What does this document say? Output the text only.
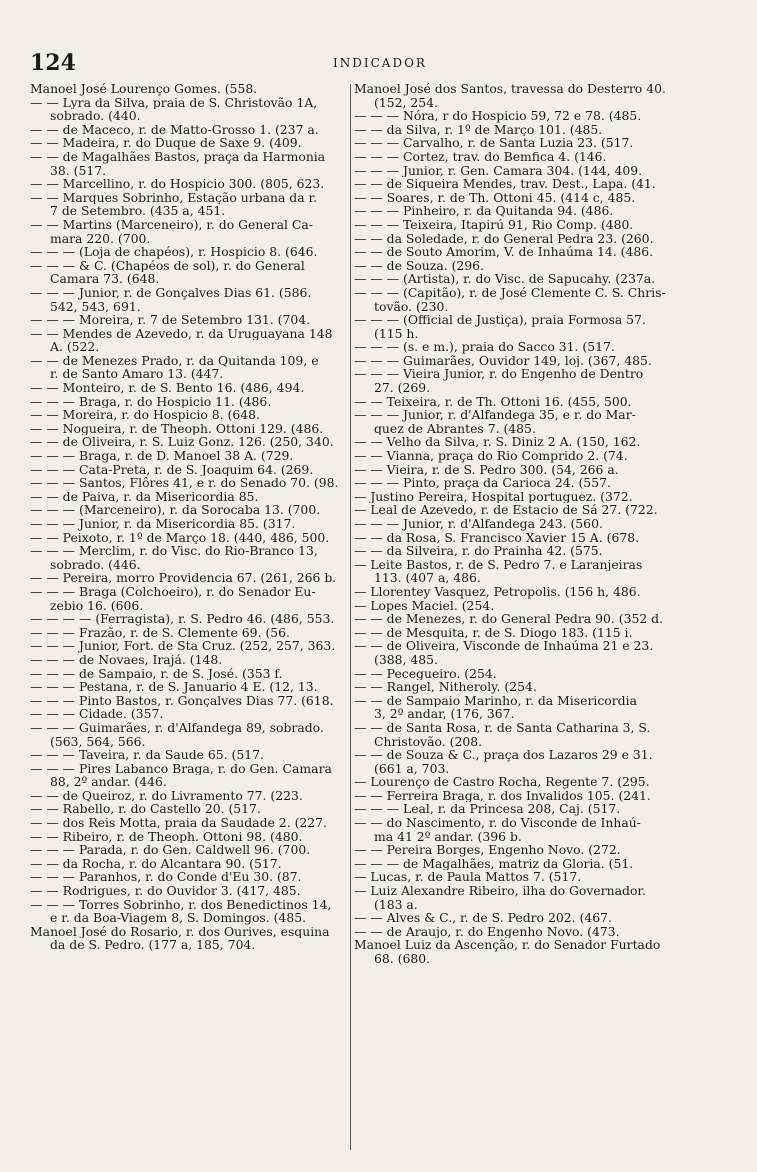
124	INDICADOR
Manoel José Lourenço Gomes. (558.
— — Lyra da Silva, praia de S. Christovão 1A,
sobrado. (440.
— — de Maceco, r. de Matto-Grosso 1. (237 a.
— — Madeira, r. do Duque de Saxe 9. (409.
— — de Magalhães Bastos, praça da Harmonia
38. (517.
— — Marcellino, r. do Hospicio 300. (805, 623.
— — Marques Sobrinho, Estação urbana da r.
7 de Setembro. (435 a, 451.
— — Martins (Marceneiro), r. do General Ca-
mara 220. (700.
— — — (Loja de chapéos), r. Hospicio 8. (646.
— — — & C. (Chapéos de sol), r. do General
Camara 73. (648.
— — — Junior, r. de Gonçalves Dias 61. (586.
542, 543, 691.
— — — Moreira, r. 7 de Setembro 131. (704.
— — Mendes de Azevedo, r. da Uruguayana 148
A. (522.
— — de Menezes Prado, r. da Quitanda 109, e
r. de Santo Amaro 13. (447.
— — Monteiro, r. de S. Bento 16. (486, 494.
— — — Braga, r. do Hospicio 11. (486.
— — Moreira, r. do Hospicio 8. (648.
— — Nogueira, r. de Theoph. Ottoni 129. (486.
— — de Oliveira, r. S. Luiz Gonz. 126. (250, 340.
— — — Braga, r. de D. Manoel 38 A. (729.
— — — Cata-Preta, r. de S. Joaquim 64. (269.
— — — Santos, Flôres 41, e r. do Senado 70. (98.
— — de Paiva, r. da Misericordia 85.
— — — (Marceneiro), r. da Sorocaba 13. (700.
— — — Junior, r. da Misericordia 85. (317.
— — Peixoto, r. 1º de Março 18. (440, 486, 500.
— — — Merclim, r. do Visc. do Rio-Branco 13,
sobrado. (446.
— — Pereira, morro Providencia 67. (261, 266 b.
— — — Braga (Colchoeiro), r. do Senador Eu-
zebio 16. (606.
— — — — (Ferragista), r. S. Pedro 46. (486, 553.
— — — Frazão, r. de S. Clemente 69. (56.
— — — Junior, Fort. de Sta Cruz. (252, 257, 363.
— — — de Novaes, Irajá. (148.
— — — de Sampaio, r. de S. José. (353 f.
— — — Pestana, r. de S. Januario 4 E. (12, 13.
— — — Pinto Bastos, r. Gonçalves Dias 77. (618.
— — — Cidade. (357.
— — — Guimarães, r. d'Alfandega 89, sobrado.
(563, 564, 566.
— — — Taveira, r. da Saude 65. (517.
— — — Pires Labanco Braga, r. do Gen. Camara
88, 2º andar. (446.
— — de Queiroz, r. do Livramento 77. (223.
— — Rabello, r. do Castello 20. (517.
— — dos Reis Motta, praia da Saudade 2. (227.
— — Ribeiro, r. de Theoph. Ottoni 98. (480.
— — — Parada, r. do Gen. Caldwell 96. (700.
— — da Rocha, r. do Alcantara 90. (517.
— — — Paranhos, r. do Conde d'Eu 30. (87.
— — Rodrigues, r. do Ouvidor 3. (417, 485.
— — — Torres Sobrinho, r. dos Benedictinos 14,
e r. da Boa-Viagem 8, S. Domingos. (485.
Manoel José do Rosario, r. dos Ourives, esquina
da de S. Pedro. (177 a, 185, 704.
Manoel José dos Santos, travessa do Desterro 40.
(152, 254.
— — — Nóra, r do Hospicio 59, 72 e 78. (485.
— — da Silva, r. 1º de Março 101. (485.
— — — Carvalho, r. de Santa Luzia 23. (517.
— — — Cortez, trav. do Bemfica 4. (146.
— — — Junior, r. Gen. Camara 304. (144, 409.
— — de Siqueira Mendes, trav. Dest., Lapa. (41.
— — Soares, r. de Th. Ottoni 45. (414 c, 485.
— — — Pinheiro, r. da Quitanda 94. (486.
— — — Teixeira, Itapirú 91, Rio Comp. (480.
— — da Soledade, r. do General Pedra 23. (260.
— — de Souto Amorim, V. de Inhaúma 14. (486.
— — de Souza. (296.
— — — (Artista), r. do Visc. de Sapucahy. (237a.
— — — (Capitão), r. de José Clemente C. S. Chris-
tovão. (230.
— — — (Official de Justiça), praia Formosa 57.
(115 h.
— — — (s. e m.), praia do Sacco 31. (517.
— — — Guimarães, Ouvidor 149, loj. (367, 485.
— — — Vieira Junior, r. do Engenho de Dentro
27. (269.
— — Teixeira, r. de Th. Ottoni 16. (455, 500.
— — — Junior, r. d'Alfandega 35, e r. do Mar-
quez de Abrantes 7. (485.
— — Velho da Silva, r. S. Diniz 2 A. (150, 162.
— — Vianna, praça do Rio Comprido 2. (74.
— — Vieira, r. de S. Pedro 300. (54, 266 a.
— — — Pinto, praça da Carioca 24. (557.
— Justino Pereira, Hospital portuguez. (372.
— Leal de Azevedo, r. de Estacio de Sá 27. (722.
— — — Junior, r. d'Alfandega 243. (560.
— — da Rosa, S. Francisco Xavier 15 A. (678.
— — da Silveira, r. do Prainha 42. (575.
— Leite Bastos, r. de S. Pedro 7. e Laranjeiras
113. (407 a, 486.
— Llorentey Vasquez, Petropolis. (156 h, 486.
— Lopes Maciel. (254.
— — de Menezes, r. do General Pedra 90. (352 d.
— — de Mesquita, r. de S. Diogo 183. (115 i.
— — de Oliveira, Visconde de Inhaúma 21 e 23.
(388, 485.
— — Pecegueiro. (254.
— — Rangel, Nitheroly. (254.
— — de Sampaio Marinho, r. da Misericordia
3, 2º andar, (176, 367.
— — de Santa Rosa, r. de Santa Catharina 3, S.
Christovão. (208.
— — de Souza & C., praça dos Lazaros 29 e 31.
(661 a, 703.
— Lourenço de Castro Rocha, Regente 7. (295.
— — Ferreira Braga, r. dos Invalidos 105. (241.
— — — Leal, r. da Princesa 208, Caj. (517.
— — do Nascimento, r. do Visconde de Inhaú-
ma 41 2º andar. (396 b.
— — Pereira Borges, Engenho Novo. (272.
— — — de Magalhães, matriz da Gloria. (51.
— Lucas, r. de Paula Mattos 7. (517.
— Luiz Alexandre Ribeiro, ilha do Governador.
(183 a.
— — Alves & C., r. de S. Pedro 202. (467.
— — de Araujo, r. do Engenho Novo. (473.
Manoel Luiz da Ascenção, r. do Senador Furtado
68. (680.
